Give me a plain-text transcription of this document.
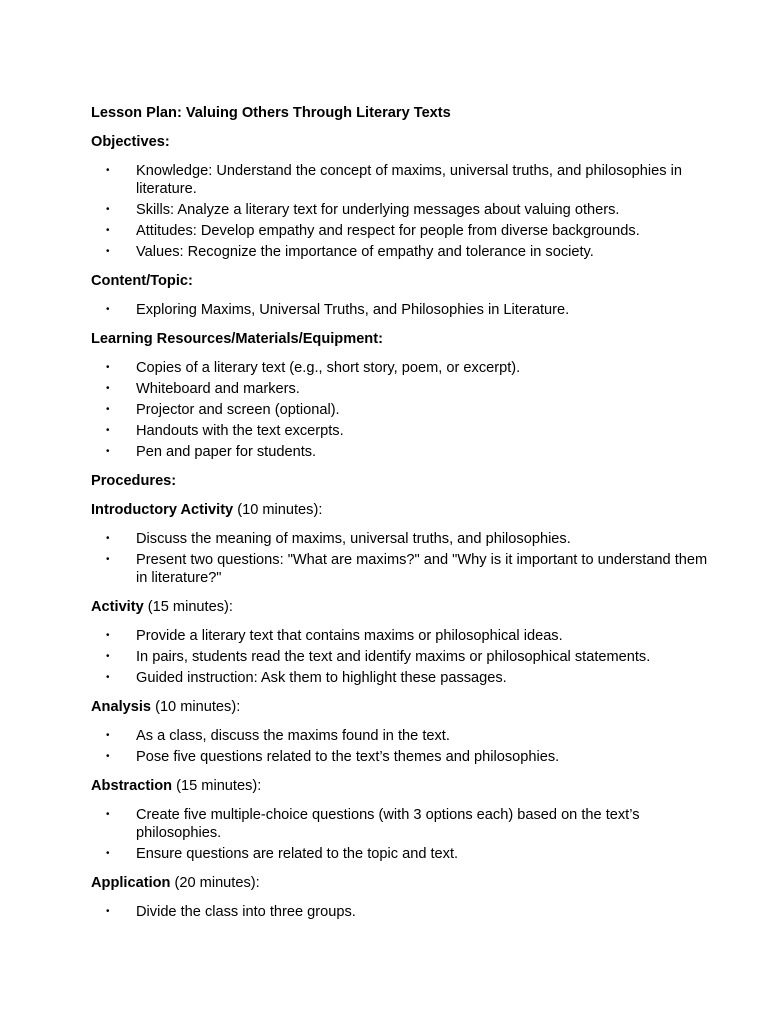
Lesson Plan: Valuing Others Through Literary Texts
Objectives:
• Knowledge: Understand the concept of maxims, universal truths, and philosophies in literature.
• Skills: Analyze a literary text for underlying messages about valuing others.
• Attitudes: Develop empathy and respect for people from diverse backgrounds.
• Values: Recognize the importance of empathy and tolerance in society.
Content/Topic:
• Exploring Maxims, Universal Truths, and Philosophies in Literature.
Learning Resources/Materials/Equipment:
• Copies of a literary text (e.g., short story, poem, or excerpt).
• Whiteboard and markers.
• Projector and screen (optional).
• Handouts with the text excerpts.
• Pen and paper for students.
Procedures:
Introductory Activity (10 minutes):
• Discuss the meaning of maxims, universal truths, and philosophies.
• Present two questions: "What are maxims?" and "Why is it important to understand them in literature?"
Activity (15 minutes):
• Provide a literary text that contains maxims or philosophical ideas.
• In pairs, students read the text and identify maxims or philosophical statements.
• Guided instruction: Ask them to highlight these passages.
Analysis (10 minutes):
• As a class, discuss the maxims found in the text.
• Pose five questions related to the text’s themes and philosophies.
Abstraction (15 minutes):
• Create five multiple-choice questions (with 3 options each) based on the text’s philosophies.
• Ensure questions are related to the topic and text.
Application (20 minutes):
• Divide the class into three groups.
